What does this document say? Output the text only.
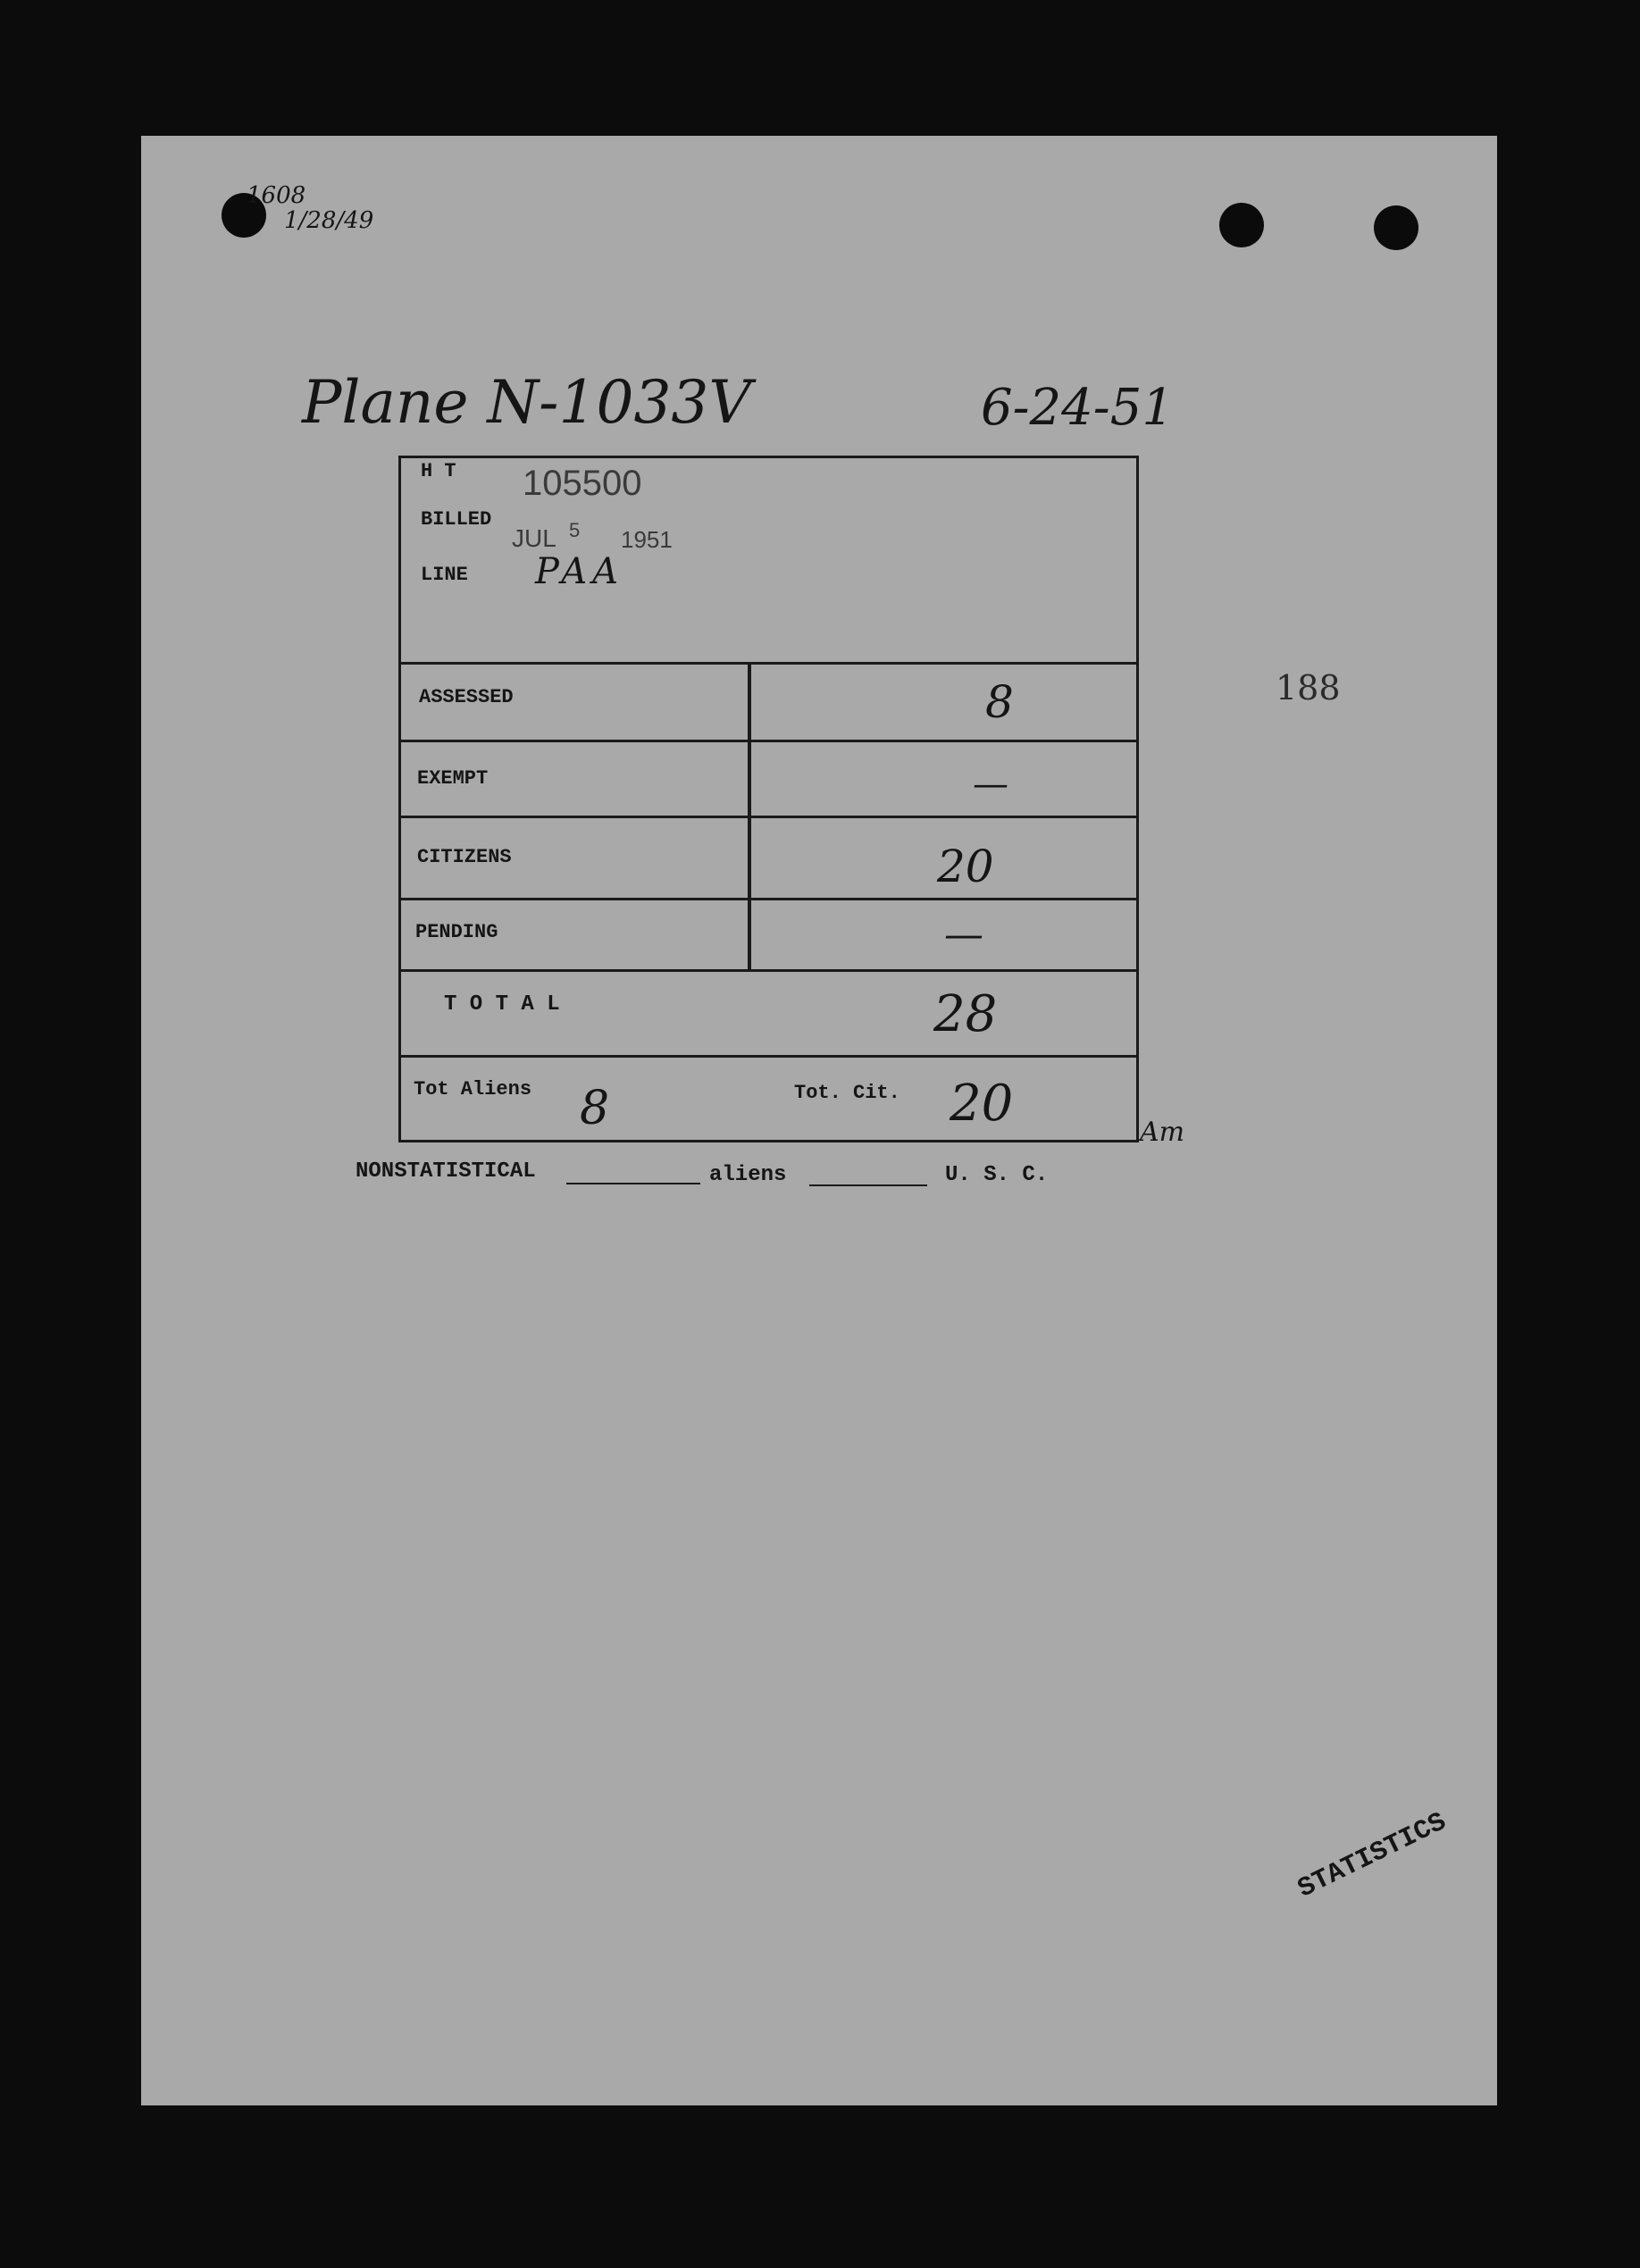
1608
1/28/49
Plane N-1033V	6-24-51
188
NONSTATISTICAL	aliens	U. S. C.
STATISTICS
H T 105500
BILLED
JUL 5 1951
LINE PAA
ASSESSED	8
EXEMPT	—
CITIZENS	20
PENDING	—
T O T A L	28
Tot Aliens 8	Tot. Cit. 20	Am
